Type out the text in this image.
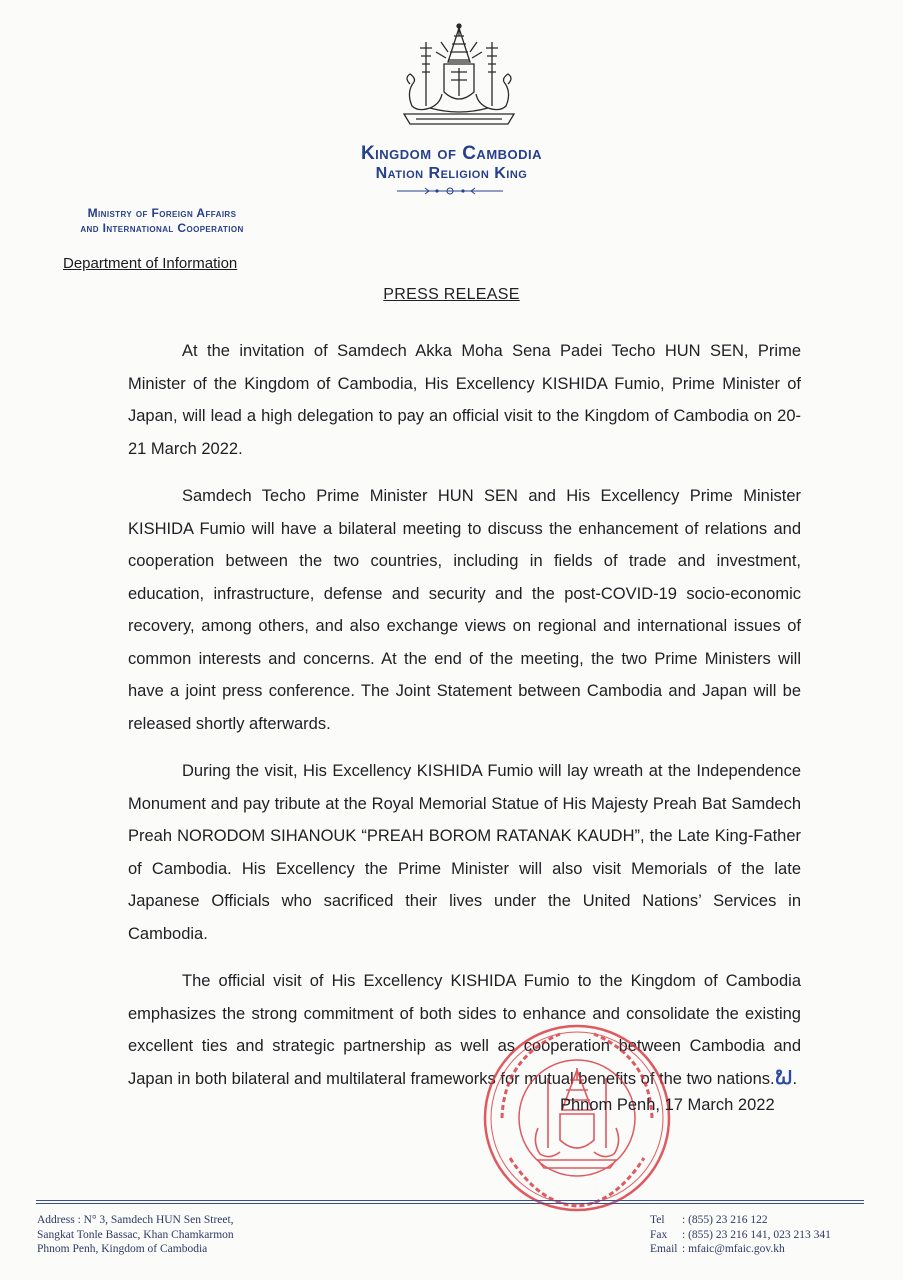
Kingdom of Cambodia
Nation Religion King
Ministry of Foreign Affairs
and International Cooperation
Department of Information
PRESS RELEASE

At the invitation of Samdech Akka Moha Sena Padei Techo HUN SEN, Prime Minister of the Kingdom of Cambodia, His Excellency KISHIDA Fumio, Prime Minister of Japan, will lead a high delegation to pay an official visit to the Kingdom of Cambodia on 20-21 March 2022.

Samdech Techo Prime Minister HUN SEN and His Excellency Prime Minister KISHIDA Fumio will have a bilateral meeting to discuss the enhancement of relations and cooperation between the two countries, including in fields of trade and investment, education, infrastructure, defense and security and the post-COVID-19 socio-economic recovery, among others, and also exchange views on regional and international issues of common interests and concerns. At the end of the meeting, the two Prime Ministers will have a joint press conference. The Joint Statement between Cambodia and Japan will be released shortly afterwards.

During the visit, His Excellency KISHIDA Fumio will lay wreath at the Independence Monument and pay tribute at the Royal Memorial Statue of His Majesty Preah Bat Samdech Preah NORODOM SIHANOUK “PREAH BOROM RATANAK KAUDH”, the Late King-Father of Cambodia. His Excellency the Prime Minister will also visit Memorials of the late Japanese Officials who sacrificed their lives under the United Nations’ Services in Cambodia.

The official visit of His Excellency KISHIDA Fumio to the Kingdom of Cambodia emphasizes the strong commitment of both sides to enhance and consolidate the existing excellent ties and strategic partnership as well as cooperation between Cambodia and Japan in both bilateral and multilateral frameworks for mutual benefits of the two nations.ພ.

Phnom Penh, 17 March 2022
Address : N° 3, Samdech HUN Sen Street,
Sangkat Tonle Bassac, Khan Chamkarmon
Phnom Penh, Kingdom of Cambodia
Tel : (855) 23 216 122
Fax : (855) 23 216 141, 023 213 341
Email : mfaic@mfaic.gov.kh
